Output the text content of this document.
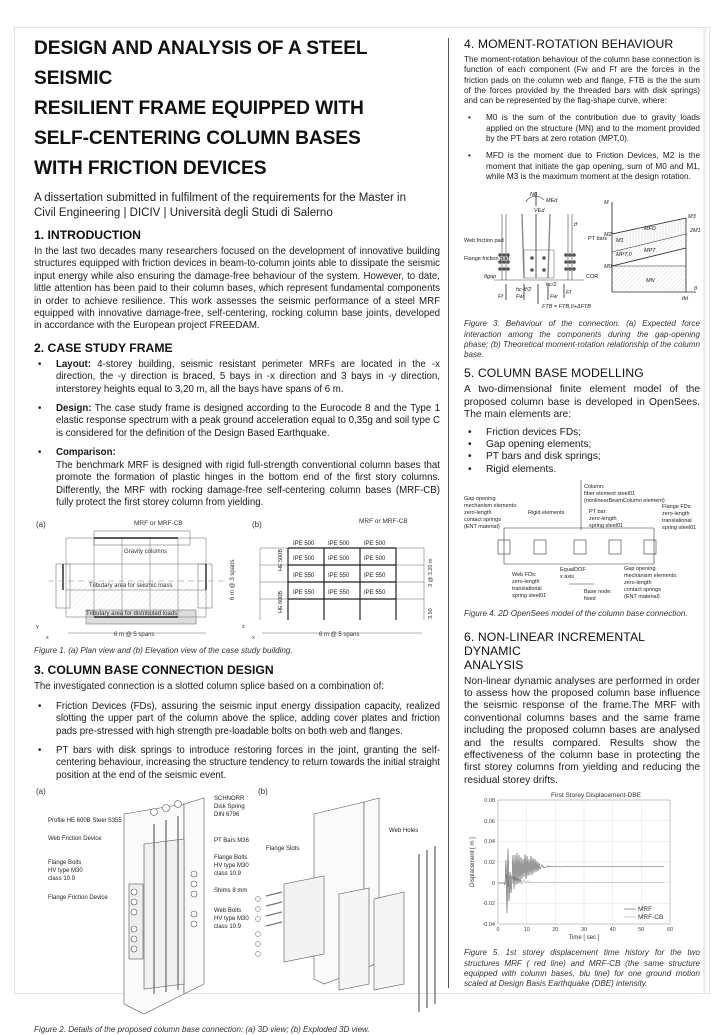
DESIGN AND ANALYSIS OF A STEEL SEISMIC
RESILIENT FRAME EQUIPPED WITH
SELF-CENTERING COLUMN BASES
WITH FRICTION DEVICES
A dissertation submitted in fulfilment of the requirements for the Master in
Civil Engineering | DICIV | Università degli Studi di Salerno
1. INTRODUCTION

In the last two decades many researchers focused on the development of innovative building structures equipped with friction devices in beam-to-column joints able to dissipate the seismic input energy while also ensuring the damage-free behaviour of the system. However, to date, little attention has been paid to their column bases, which represent fundamental components in order to achieve resilience. This work assesses the seismic performance of a steel MRF equipped with innovative damage-free, self-centering, rocking column base joints, developed in accordance with the European project FREEDAM.

2. CASE STUDY FRAME
• Layout: 4-storey building, seismic resistant perimeter MRFs are located in the -x direction, the -y direction is braced, 5 bays in -x direction and 3 bays in -y direction, interstorey heights equal to 3,20 m, all the bays have spans of 6 m.
• Design: The case study frame is designed according to the Eurocode 8 and the Type 1 elastic response spectrum with a peak ground acceleration equal to 0,35g and soil type C is considered for the definition of the Design Based Earthquake.
• Comparison:
The benchmark MRF is designed with rigid full-strength conventional column bases that promote the formation of plastic hinges in the bottom end of the first story columns. Differently, the MRF with rocking damage-free self-centering column bases (MRF-CB) fully protect the first storey column from yielding.
(a)	MRF or MRF-CB
Gravity columns
Tributary area for seismic mass
Tributary area for distributed loads
6 m @ 3 spans
6 m @ 5 spans
y
x
(b)	MRF or MRF-CB
IPE 500 IPE 500 IPE 500
IPE 500 IPE 500 IPE 500
IPE 550 IPE 550 IPE 550
IPE 550 IPE 550 IPE 550
HE 500B
HE 600B
3 @ 3.20 m
3.50
6 m @ 5 spans
z
x
Figure 1. (a) Plan view and (b) Elevation view of the case study building.
3. COLUMN BASE CONNECTION DESIGN

The investigated connection is a slotted column splice based on a combination of:

• Friction Devices (FDs), assuring the seismic input energy dissipation capacity, realized slotting the upper part of the column above the splice, adding cover plates and friction pads pre-stressed with high strength pre-loadable bolts on both web and flanges.
• PT bars with disk springs to introduce restoring forces in the joint, granting the self-centering behaviour, increasing the structure tendency to return towards the initial straight position at the end of the seismic event.
(a)
Profile HE 600B Steel S355
Web Friction Device
Flange Bolts
HV type M30
class 10.9
Flange Friction Device
SCHNORR
Disk Spring
DIN 6796
PT Bars M36
Flange Bolts
HV type M30
class 10.9
Shims 8 mm
Web Bolts
HV type M30
class 10.9
(b)
Flange Slots
Web Holes
Figure 2. Details of the proposed column base connection: (a) 3D view; (b) Exploded 3D view.
4. MOMENT-ROTATION BEHAVIOUR

The moment-rotation behaviour of the column base connection is function of each component (Fw and Ff are the forces in the friction pads on the column web and flange, FTB is the the sum of the forces provided by the threaded bars with disk springs) and can be represented by the flag-shape curve, where:

• M0 is the sum of the contribution due to gravity loads applied on the structure (MN) and to the moment provided by the PT bars at zero rotation (MPT,0).
• MFD is the moment due to Friction Devices, M2 is the moment that initiate the gap opening, sum of M0 and M1, while M3 is the maximum moment at the design rotation.
N0
MEd
VEd
Web friction pad
Flange friction pad
PT bars
COR
θgap
hc/2
hc-tf/2
Ff Fw	Fw
Ff
FTB = FTB,0+ΔFTB
tf
M
M3
M2
M1
M0
MPT,0
MFD
MPT
MN
2M1
θd
θ
Figure 3. Behaviour of the connection. (a) Expected force interaction among the components during the gap-opening phase; (b) Theoretical moment-rotation relationship of the column base.
5. COLUMN BASE MODELLING

A two-dimensional finite element model of the proposed column base is developed in OpenSees. The main elements are:

• Friction devices FDs;
• Gap opening elements;
• PT bars and disk springs;
• Rigid elements.
Column:
fiber element steel01
(nonlinearBeamColumn element)
Gap opening
mechanism elements:
zero-length
contact springs
(ENT material)
Rigid elements	PT bar:
zero-length
spring steel01
Flange FDs:
zero-length
translational
spring steel01
EqualDOF
x axis
Web FDs:
zero-length
translational
spring steel01
Base node:
fixed
Gap opening
mechanism elements:
zero-length
contact springs
(ENT material)
Figure 4. 2D OpenSees model of the column base connection.
6. NON-LINEAR INCREMENTAL DYNAMIC
ANALYSIS

Non-linear dynamic analyses are performed in order to assess how the proposed column base influence the seismic response of the frame.The MRF with conventional columns bases and the same frame including the proposed column bases are analysed and the results compared. Results show the effectiveness of the column base in protecting the first storey columns from yielding and reducing the residual storey drifts.

First Storey Displacement-DBE
0.08
0.06
0.04
0.02
0
-0.02
-0.04
0	10	20	30	40	50	60
Time [ sec ]
Displacement [ m ]
MRF
MRF-CB
Figure 5. 1st storey displacement time history for the two structures MRF ( red line) and MRF-CB (the same structure equipped with column bases, blu line) for one ground motion scaled at Design Basis Earthquake (DBE) intensity.
